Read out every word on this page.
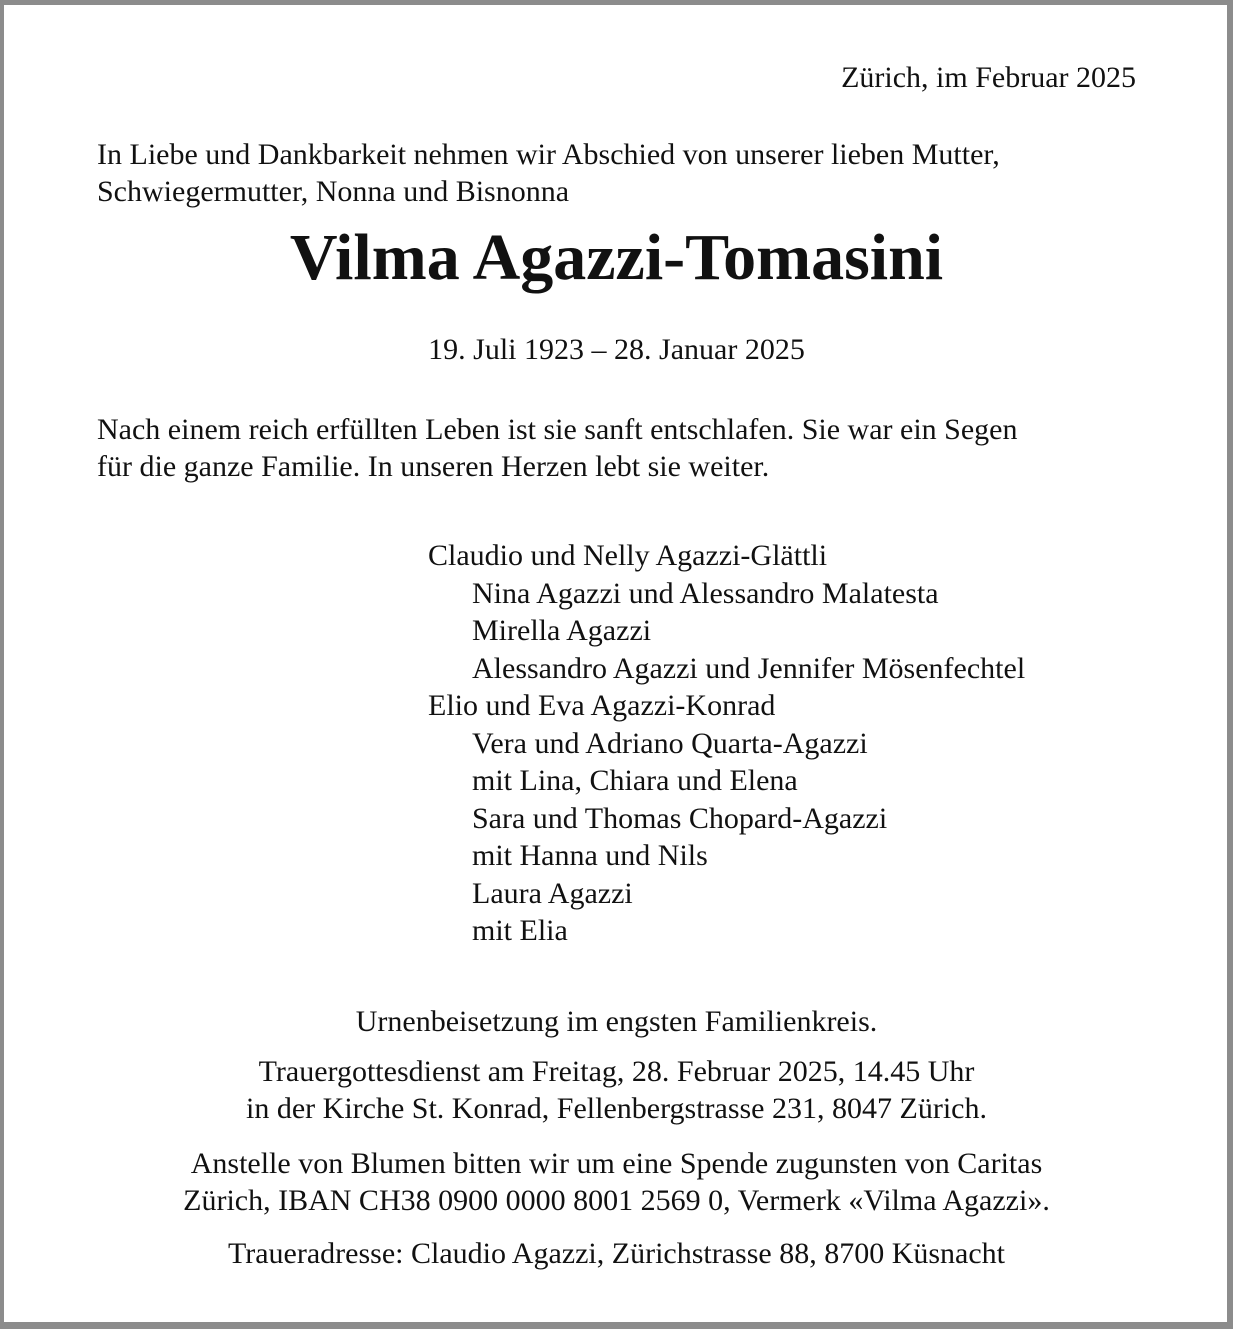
Zürich, im Februar 2025

In Liebe und Dankbarkeit nehmen wir Abschied von unserer lieben Mutter,
Schwiegermutter, Nonna und Bisnonna

Vilma Agazzi-Tomasini

19. Juli 1923 – 28. Januar 2025

Nach einem reich erfüllten Leben ist sie sanft entschlafen. Sie war ein Segen
für die ganze Familie. In unseren Herzen lebt sie weiter.

Claudio und Nelly Agazzi-Glättli
Nina Agazzi und Alessandro Malatesta
Mirella Agazzi
Alessandro Agazzi und Jennifer Mösenfechtel
Elio und Eva Agazzi-Konrad
Vera und Adriano Quarta-Agazzi
mit Lina, Chiara und Elena
Sara und Thomas Chopard-Agazzi
mit Hanna und Nils
Laura Agazzi
mit Elia

Urnenbeisetzung im engsten Familienkreis.

Trauergottesdienst am Freitag, 28. Februar 2025, 14.45 Uhr

in der Kirche St. Konrad, Fellenbergstrasse 231, 8047 Zürich.

Anstelle von Blumen bitten wir um eine Spende zugunsten von Caritas

Zürich, IBAN CH38 0900 0000 8001 2569 0, Vermerk «Vilma Agazzi».

Traueradresse: Claudio Agazzi, Zürichstrasse 88, 8700 Küsnacht
